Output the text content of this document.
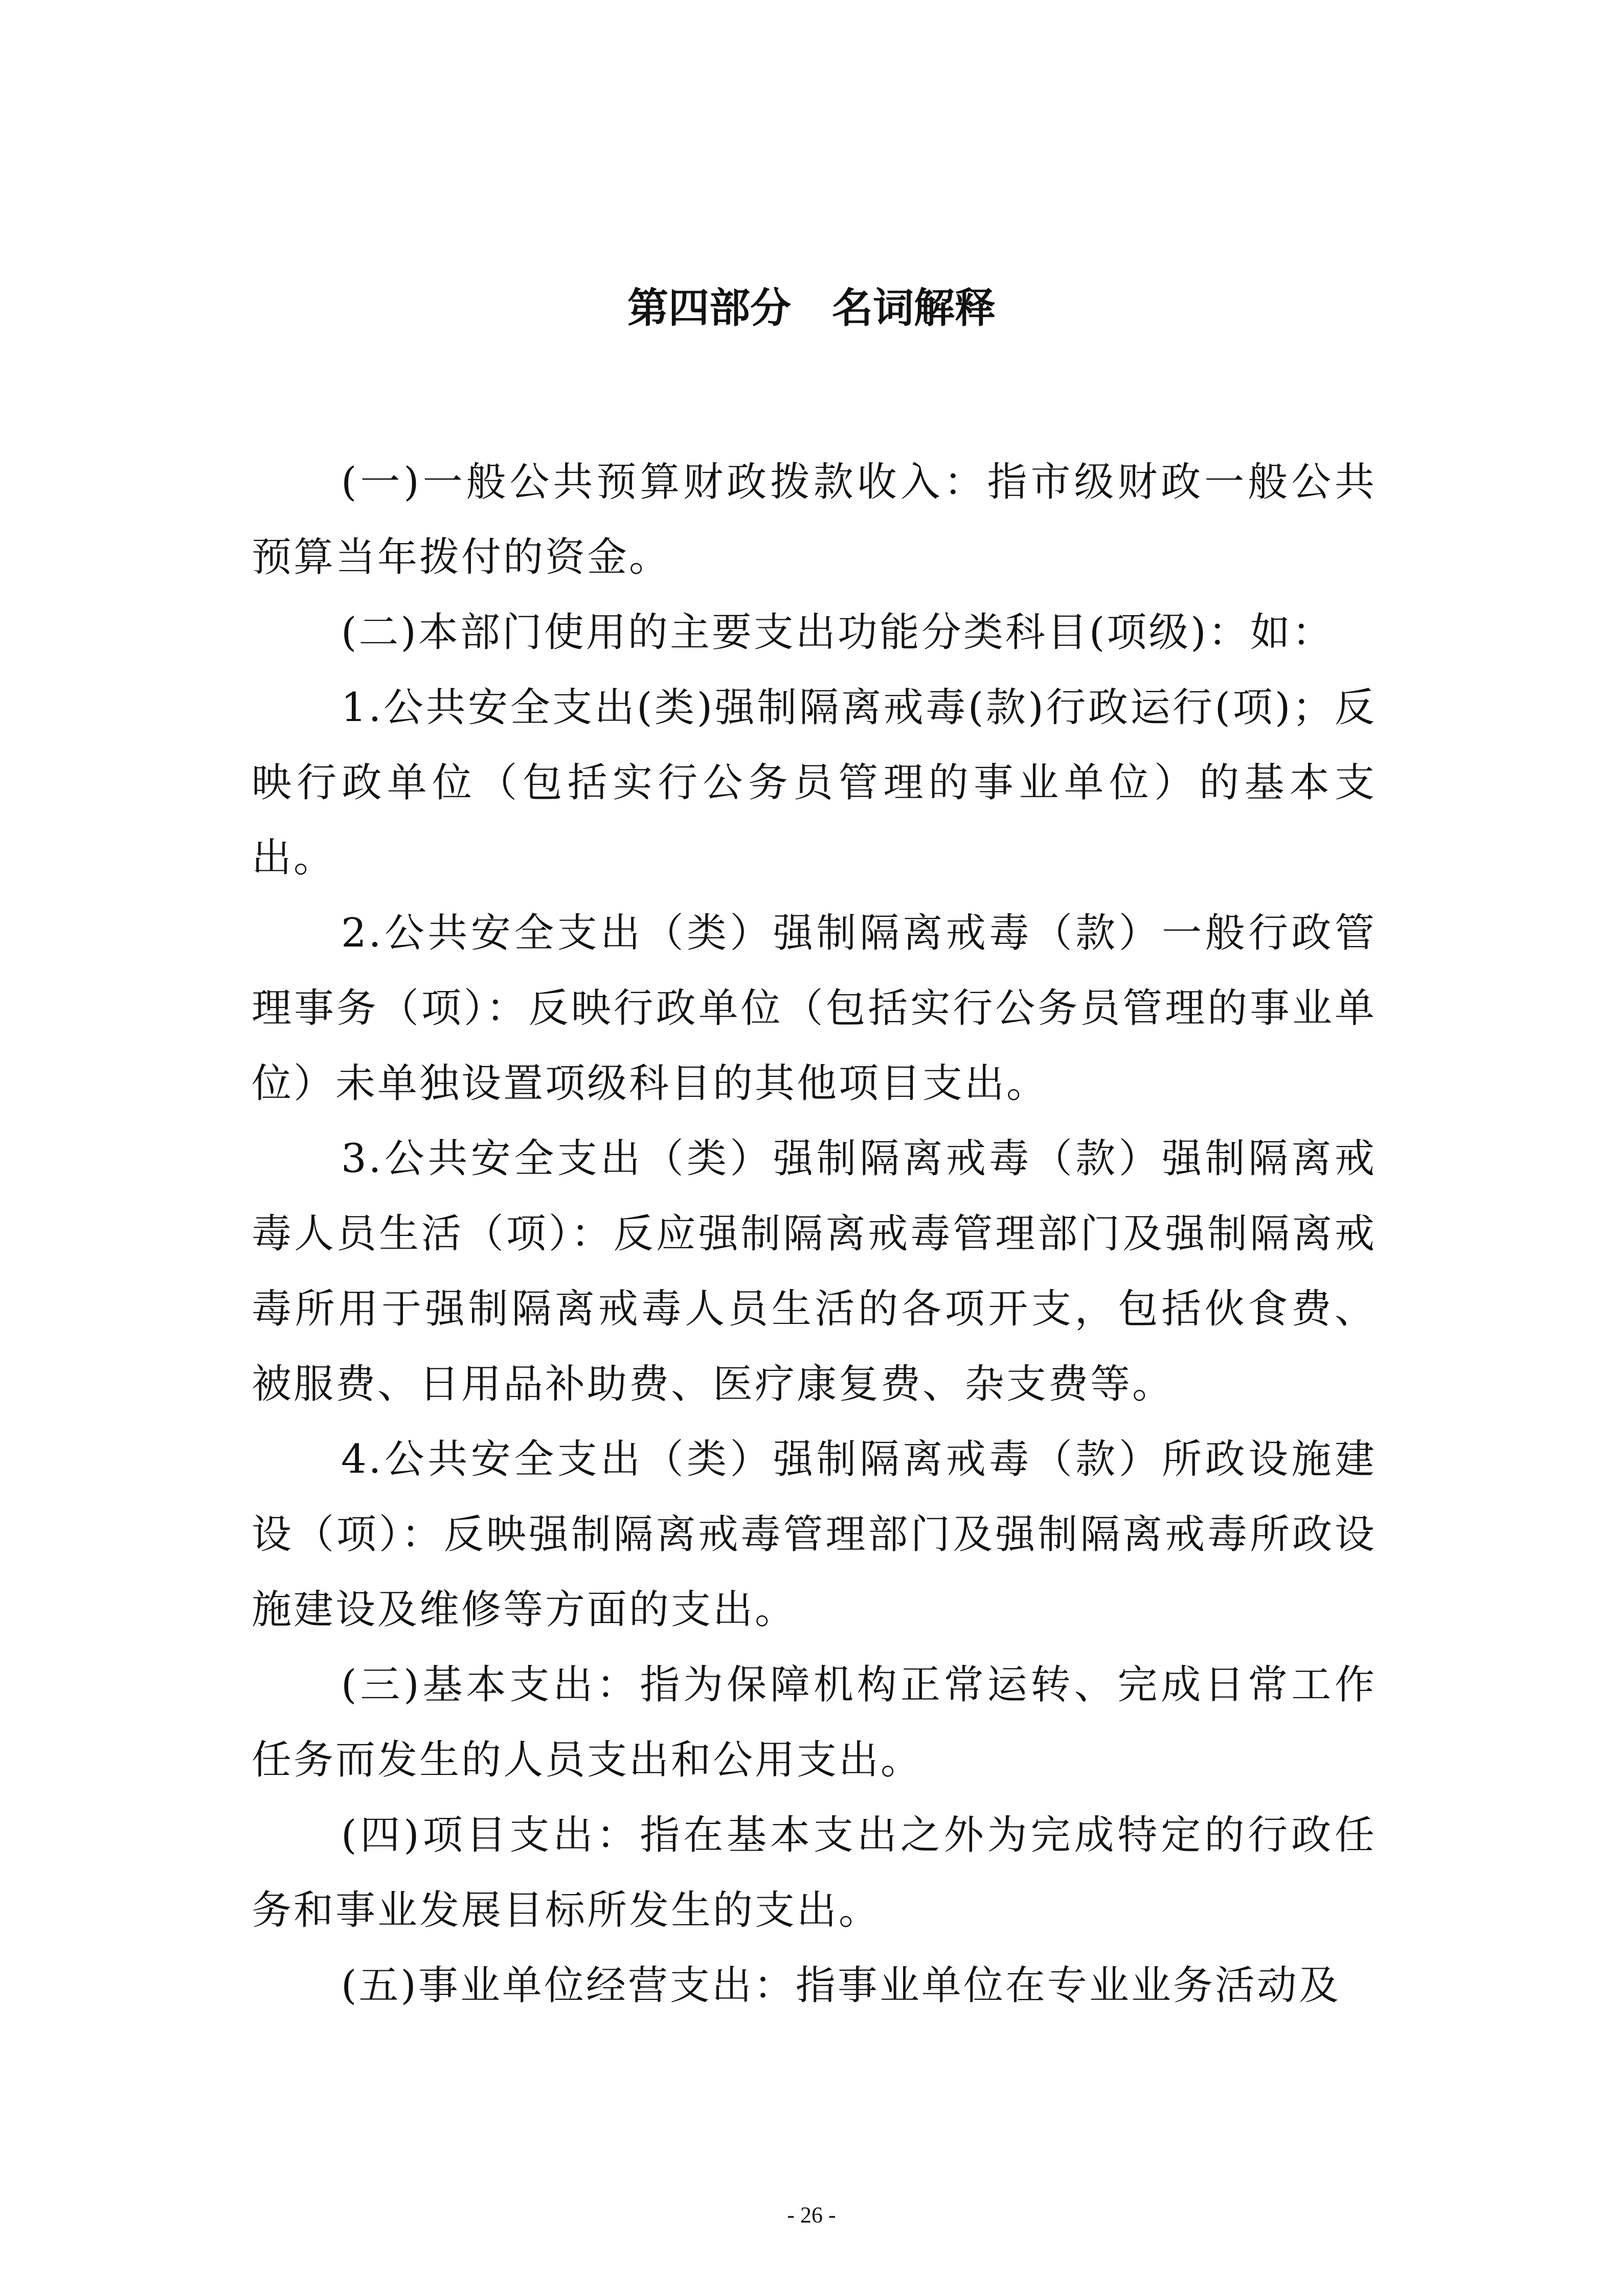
第四部分　名词解释

(一)一般公共预算财政拨款收入：指市级财政一般公共预算当年拨付的资金。

(二)本部门使用的主要支出功能分类科目(项级)：如：

1.公共安全支出(类)强制隔离戒毒(款)行政运行(项)；反映行政单位（包括实行公务员管理的事业单位）的基本支出。

2.公共安全支出（类）强制隔离戒毒（款）一般行政管理事务（项）：反映行政单位（包括实行公务员管理的事业单位）未单独设置项级科目的其他项目支出。

3.公共安全支出（类）强制隔离戒毒（款）强制隔离戒毒人员生活（项）：反应强制隔离戒毒管理部门及强制隔离戒毒所用于强制隔离戒毒人员生活的各项开支，包括伙食费、被服费、日用品补助费、医疗康复费、杂支费等。

4.公共安全支出（类）强制隔离戒毒（款）所政设施建设（项）：反映强制隔离戒毒管理部门及强制隔离戒毒所政设施建设及维修等方面的支出。

(三)基本支出：指为保障机构正常运转、完成日常工作任务而发生的人员支出和公用支出。

(四)项目支出：指在基本支出之外为完成特定的行政任务和事业发展目标所发生的支出。

(五)事业单位经营支出：指事业单位在专业业务活动及

- 26 -
